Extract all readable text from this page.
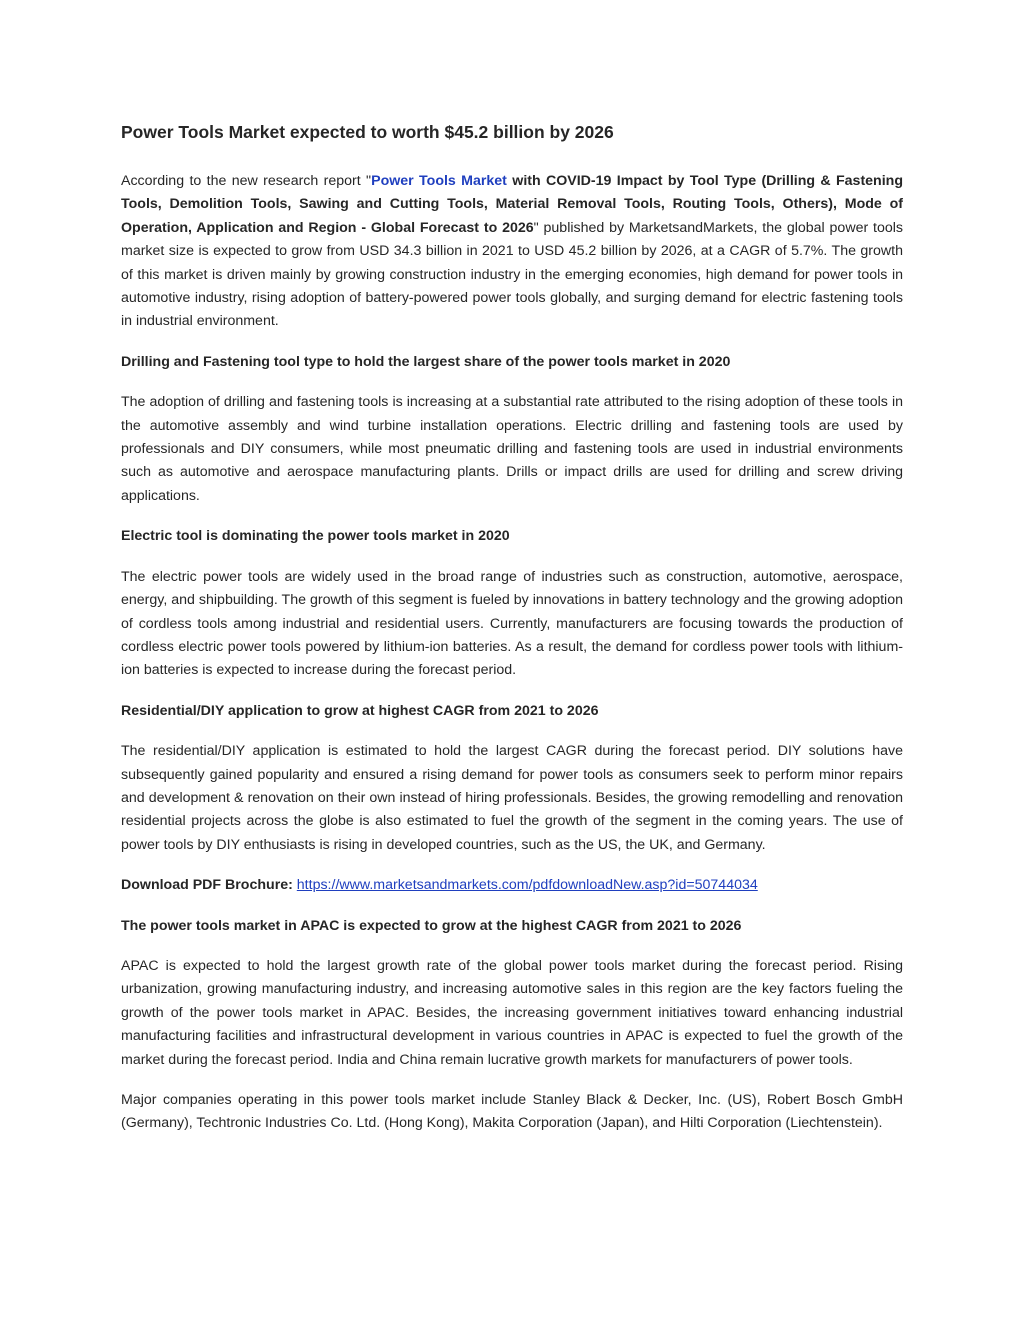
Power Tools Market expected to worth $45.2 billion by 2026

According to the new research report "Power Tools Market with COVID-19 Impact by Tool Type (Drilling & Fastening Tools, Demolition Tools, Sawing and Cutting Tools, Material Removal Tools, Routing Tools, Others), Mode of Operation, Application and Region - Global Forecast to 2026" published by MarketsandMarkets, the global power tools market size is expected to grow from USD 34.3 billion in 2021 to USD 45.2 billion by 2026, at a CAGR of 5.7%. The growth of this market is driven mainly by growing construction industry in the emerging economies, high demand for power tools in automotive industry, rising adoption of battery-powered power tools globally, and surging demand for electric fastening tools in industrial environment.

Drilling and Fastening tool type to hold the largest share of the power tools market in 2020

The adoption of drilling and fastening tools is increasing at a substantial rate attributed to the rising adoption of these tools in the automotive assembly and wind turbine installation operations. Electric drilling and fastening tools are used by professionals and DIY consumers, while most pneumatic drilling and fastening tools are used in industrial environments such as automotive and aerospace manufacturing plants. Drills or impact drills are used for drilling and screw driving applications.

Electric tool is dominating the power tools market in 2020

The electric power tools are widely used in the broad range of industries such as construction, automotive, aerospace, energy, and shipbuilding. The growth of this segment is fueled by innovations in battery technology and the growing adoption of cordless tools among industrial and residential users. Currently, manufacturers are focusing towards the production of cordless electric power tools powered by lithium-ion batteries. As a result, the demand for cordless power tools with lithium-ion batteries is expected to increase during the forecast period.

Residential/DIY application to grow at highest CAGR from 2021 to 2026

The residential/DIY application is estimated to hold the largest CAGR during the forecast period. DIY solutions have subsequently gained popularity and ensured a rising demand for power tools as consumers seek to perform minor repairs and development & renovation on their own instead of hiring professionals. Besides, the growing remodelling and renovation residential projects across the globe is also estimated to fuel the growth of the segment in the coming years. The use of power tools by DIY enthusiasts is rising in developed countries, such as the US, the UK, and Germany.

Download PDF Brochure: https://www.marketsandmarkets.com/pdfdownloadNew.asp?id=50744034

The power tools market in APAC is expected to grow at the highest CAGR from 2021 to 2026

APAC is expected to hold the largest growth rate of the global power tools market during the forecast period. Rising urbanization, growing manufacturing industry, and increasing automotive sales in this region are the key factors fueling the growth of the power tools market in APAC. Besides, the increasing government initiatives toward enhancing industrial manufacturing facilities and infrastructural development in various countries in APAC is expected to fuel the growth of the market during the forecast period. India and China remain lucrative growth markets for manufacturers of power tools.

Major companies operating in this power tools market include Stanley Black & Decker, Inc. (US), Robert Bosch GmbH (Germany), Techtronic Industries Co. Ltd. (Hong Kong), Makita Corporation (Japan), and Hilti Corporation (Liechtenstein).
